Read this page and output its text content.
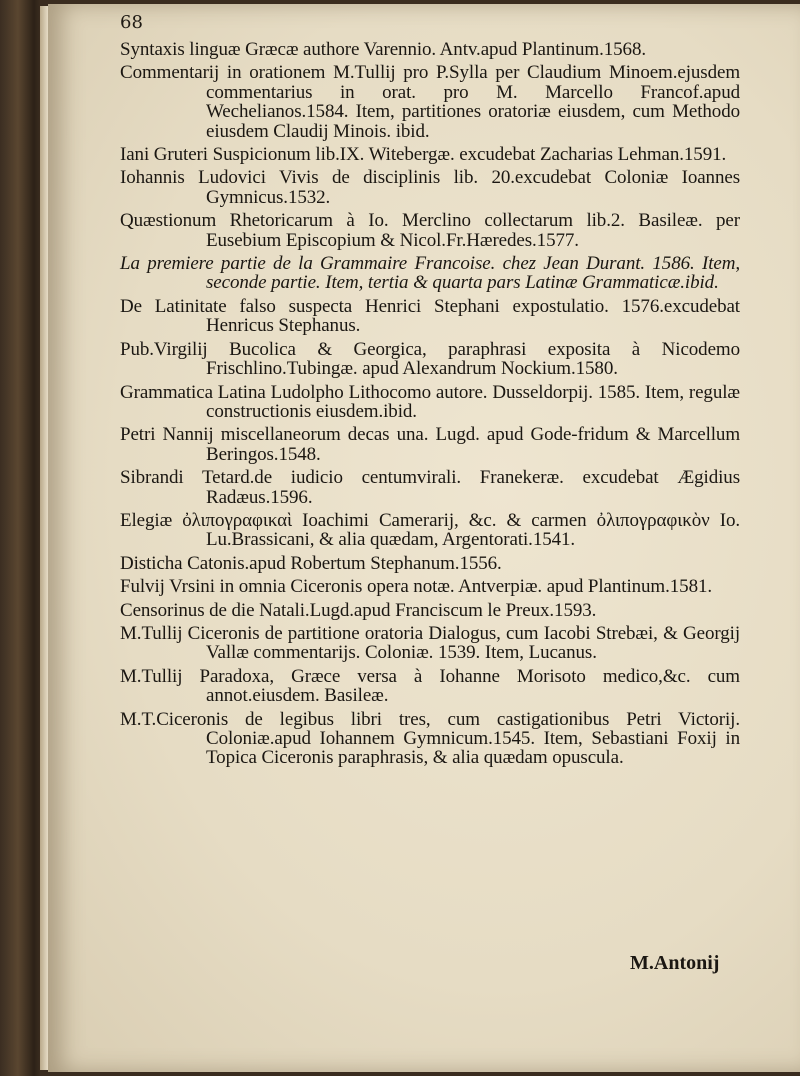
68

Syntaxis linguæ Græcæ authore Varennio. Antv.apud Plantinum.1568.

Commentarij in orationem M.Tullij pro P.Sylla per Claudium Minoem.ejusdem commentarius in orat. pro M. Marcello Francof.apud Wechelianos.1584. Item, partitiones oratoriæ eiusdem, cum Methodo eiusdem Claudij Minois. ibid.

Iani Gruteri Suspicionum lib.IX. Witebergæ. excudebat Zacharias Lehman.1591.

Iohannis Ludovici Vivis de disciplinis lib. 20.excudebat Coloniæ Ioannes Gymnicus.1532.

Quæstionum Rhetoricarum à Io. Merclino collectarum lib.2. Basileæ. per Eusebium Episcopium & Nicol.Fr.Hæredes.1577.

La premiere partie de la Grammaire Francoise. chez Jean Durant. 1586. Item, seconde partie. Item, tertia & quarta pars Latinæ Grammaticæ.ibid.

De Latinitate falso suspecta Henrici Stephani expostulatio. 1576.excudebat Henricus Stephanus.

Pub.Virgilij Bucolica & Georgica, paraphrasi exposita à Nicodemo Frischlino.Tubingæ. apud Alexandrum Nockium.1580.

Grammatica Latina Ludolpho Lithocomo autore. Dusseldorpij. 1585. Item, regulæ constructionis eiusdem.ibid.

Petri Nannij miscellaneorum decas una. Lugd. apud Gode-fridum & Marcellum Beringos.1548.

Sibrandi Tetard.de iudicio centumvirali. Franekeræ. excudebat Ægidius Radæus.1596.

Elegiæ ὀλιπογραφικαὶ Ioachimi Camerarij, &c. & carmen ὀλιπογραφικὸν Io. Lu.Brassicani, & alia quædam, Argentorati.1541.

Disticha Catonis.apud Robertum Stephanum.1556.

Fulvij Vrsini in omnia Ciceronis opera notæ. Antverpiæ. apud Plantinum.1581.

Censorinus de die Natali.Lugd.apud Franciscum le Preux.1593.

M.Tullij Ciceronis de partitione oratoria Dialogus, cum Iacobi Strebæi, & Georgij Vallæ commentarijs. Coloniæ. 1539. Item, Lucanus.

M.Tullij Paradoxa, Græce versa à Iohanne Morisoto medico,&c. cum annot.eiusdem. Basileæ.

M.T.Ciceronis de legibus libri tres, cum castigationibus Petri Victorij. Coloniæ.apud Iohannem Gymnicum.1545. Item, Sebastiani Foxij in Topica Ciceronis paraphrasis, & alia quædam opuscula.

M.Antonij
